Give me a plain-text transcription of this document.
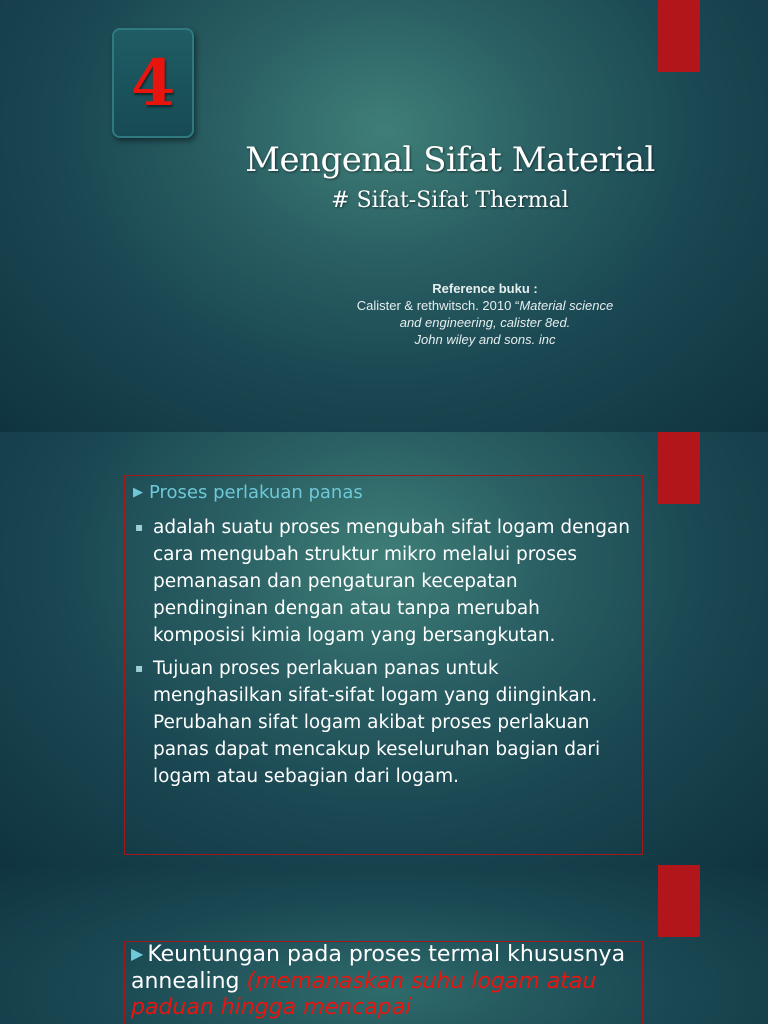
4
Mengenal Sifat Material
# Sifat-Sifat Thermal
Reference buku :
Calister & rethwitsch. 2010 “Material science
and engineering, calister 8ed.
John wiley and sons. inc
▶ Proses perlakuan panas
▪ adalah suatu proses mengubah sifat logam dengan cara mengubah struktur mikro melalui proses pemanasan dan pengaturan kecepatan pendinginan dengan atau tanpa merubah komposisi kimia logam yang bersangkutan.
▪ Tujuan proses perlakuan panas untuk menghasilkan sifat-sifat logam yang diinginkan. Perubahan sifat logam akibat proses perlakuan panas dapat mencakup keseluruhan bagian dari logam atau sebagian dari logam.
▶ Keuntungan pada proses termal khususnya annealing (memanaskan suhu logam atau paduan hingga mencapai
